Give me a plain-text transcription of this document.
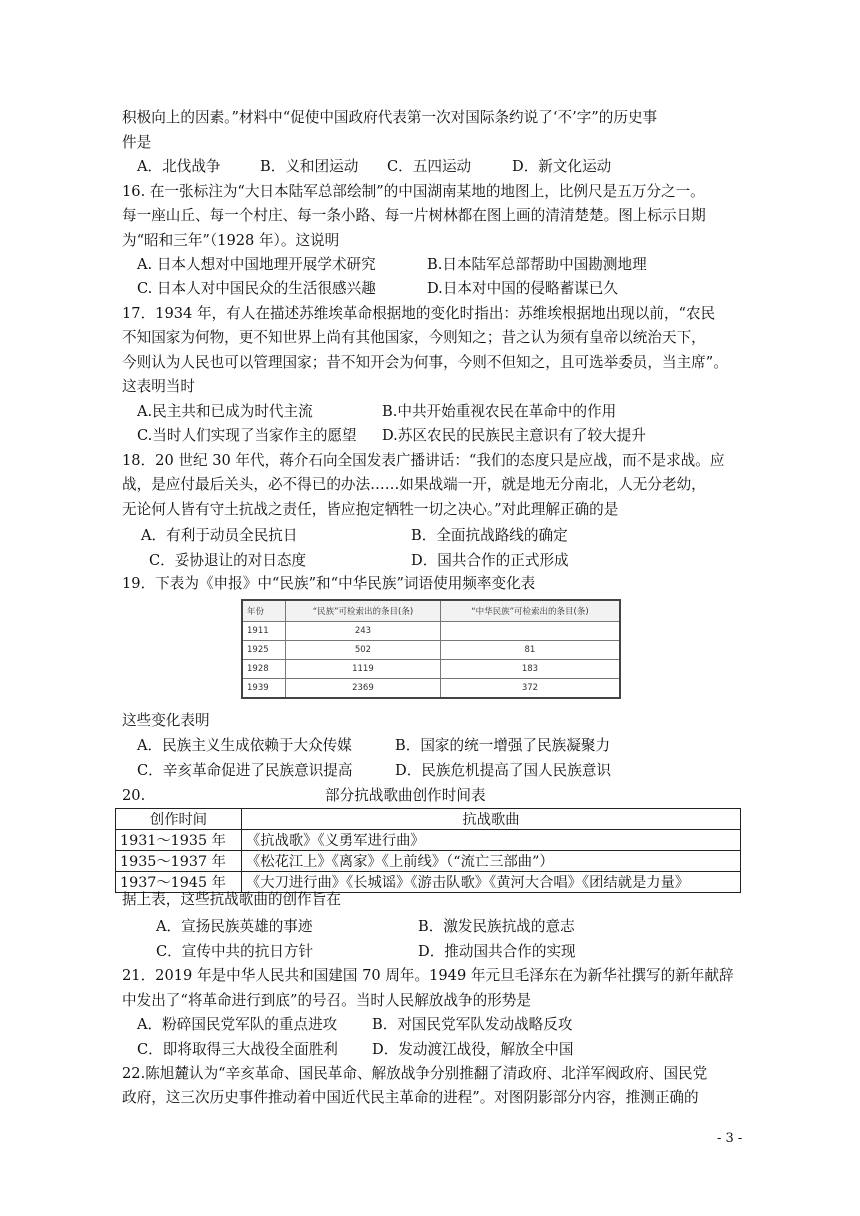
积极向上的因素。”材料中“促使中国政府代表第一次对国际条约说了‘不’字”的历史事
件是
A．北伐战争	B．义和团运动 C．五四运动	D．新文化运动
16. 在一张标注为“大日本陆军总部绘制”的中国湖南某地的地图上，比例尺是五万分之一。
每一座山丘、每一个村庄、每一条小路、每一片树林都在图上画的清清楚楚。图上标示日期
为“昭和三年”（1928 年）。这说明
A. 日本人想对中国地理开展学术研究	B.日本陆军总部帮助中国勘测地理
C. 日本人对中国民众的生活很感兴趣	D.日本对中国的侵略蓄谋已久
17．1934 年，有人在描述苏维埃革命根据地的变化时指出：苏维埃根据地出现以前，“农民
不知国家为何物，更不知世界上尚有其他国家，今则知之；昔之认为须有皇帝以统治天下，
今则认为人民也可以管理国家；昔不知开会为何事，今则不但知之，且可选举委员，当主席”。
这表明当时
A.民主共和已成为时代主流	B.中共开始重视农民在革命中的作用
C.当时人们实现了当家作主的愿望 D.苏区农民的民族民主意识有了较大提升
18．20 世纪 30 年代，蒋介石向全国发表广播讲话：“我们的态度只是应战，而不是求战。应
战，是应付最后关头，必不得已的办法……如果战端一开，就是地无分南北，人无分老幼，
无论何人皆有守土抗战之责任，皆应抱定牺牲一切之决心。”对此理解正确的是
A．有利于动员全民抗日	B．全面抗战路线的确定
C．妥协退让的对日态度	D．国共合作的正式形成
19．下表为《申报》中“民族”和“中华民族”词语使用频率变化表
年份	“民族”可检索出的条目(条)	“中华民族”可检索出的条目(条)
1911	243	
1925	502	81
1928	1119	183
1939	2369	372
这些变化表明
A．民族主义生成依赖于大众传媒	B．国家的统一增强了民族凝聚力
C．辛亥革命促进了民族意识提高	D．民族危机提高了国人民族意识
20.	部分抗战歌曲创作时间表
创作时间	抗战歌曲
1931～1935 年	《抗战歌》《义勇军进行曲》
1935～1937 年	《松花江上》《离家》《上前线》（“流亡三部曲”）
1937～1945 年	《大刀进行曲》《长城谣》《游击队歌》《黄河大合唱》《团结就是力量》
据上表，这些抗战歌曲的创作旨在
A．宣扬民族英雄的事迹	B．激发民族抗战的意志
C．宣传中共的抗日方针	D．推动国共合作的实现
21．2019 年是中华人民共和国建国 70 周年。1949 年元旦毛泽东在为新华社撰写的新年献辞
中发出了“将革命进行到底”的号召。当时人民解放战争的形势是
A．粉碎国民党军队的重点进攻 B．对国民党军队发动战略反攻
C．即将取得三大战役全面胜利 D．发动渡江战役，解放全中国
22.陈旭麓认为“辛亥革命、国民革命、解放战争分别推翻了清政府、北洋军阀政府、国民党
政府，这三次历史事件推动着中国近代民主革命的进程”。对图阴影部分内容，推测正确的
- 3 -
